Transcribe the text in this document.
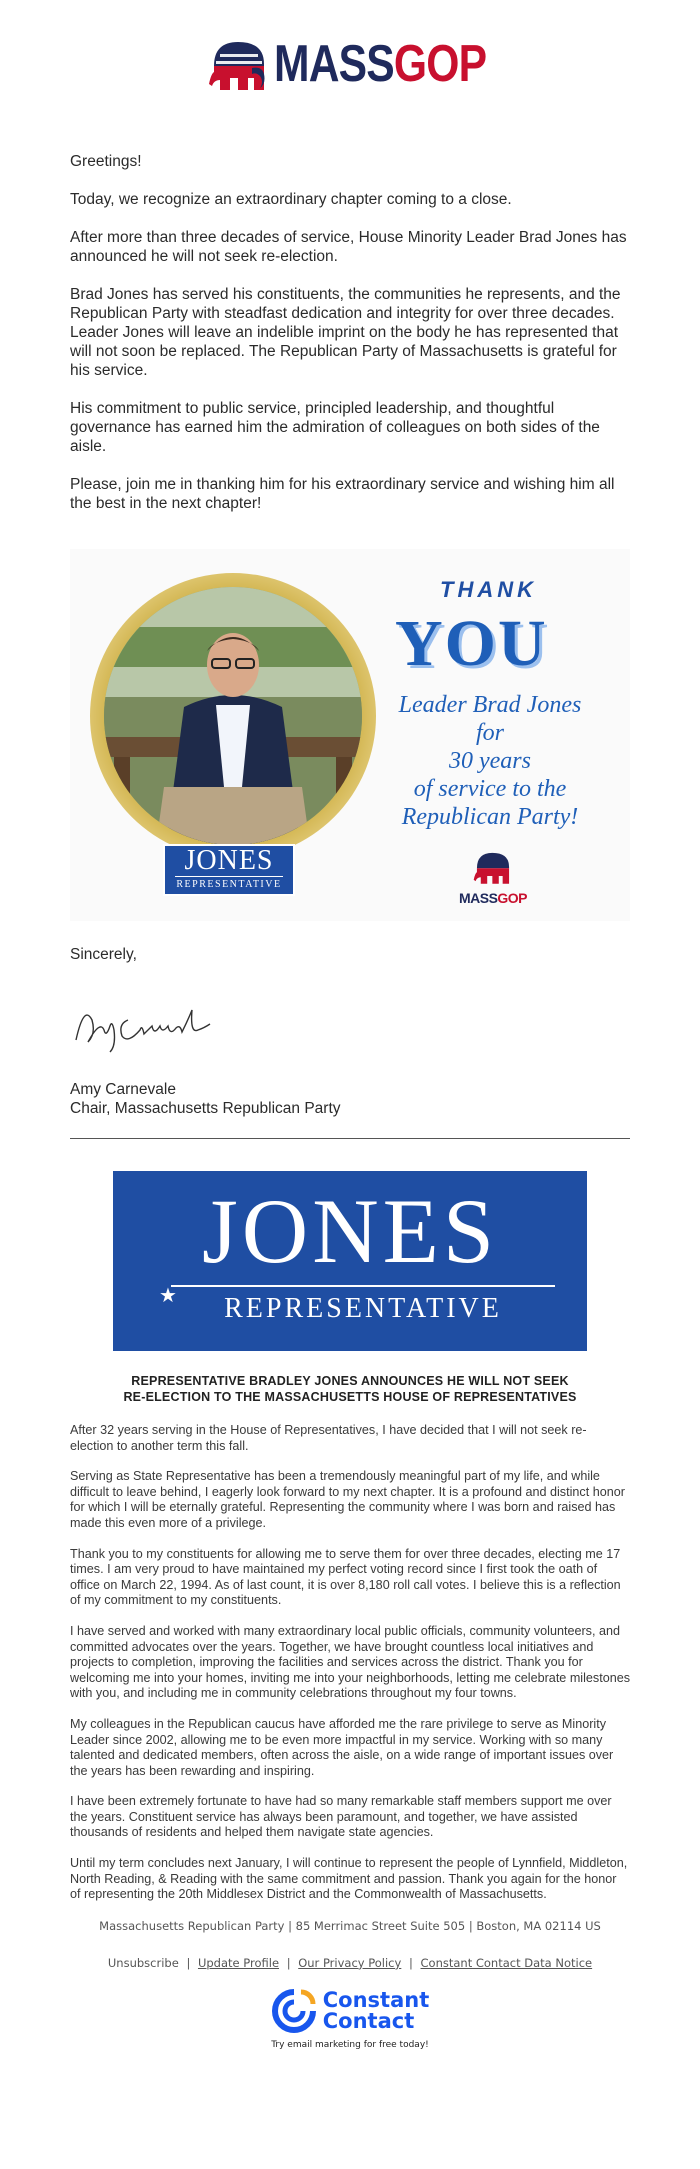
MASSGOP

Greetings!

Today, we recognize an extraordinary chapter coming to a close.

After more than three decades of service, House Minority Leader Brad Jones has announced he will not seek re-election.

Brad Jones has served his constituents, the communities he represents, and the Republican Party with steadfast dedication and integrity for over three decades. Leader Jones will leave an indelible imprint on the body he has represented that will not soon be replaced. The Republican Party of Massachusetts is grateful for his service.

His commitment to public service, principled leadership, and thoughtful governance has earned him the admiration of colleagues on both sides of the aisle.

Please, join me in thanking him for his extraordinary service and wishing him all the best in the next chapter!

JONES
REPRESENTATIVE
THANK
YOU
Leader Brad Jones
for
30 years
of service to the
Republican Party!
MASSGOP
Sincerely,
Amy Carnevale
Chair, Massachusetts Republican Party
JONES
★	REPRESENTATIVE
REPRESENTATIVE BRADLEY JONES ANNOUNCES HE WILL NOT SEEK
RE-ELECTION TO THE MASSACHUSETTS HOUSE OF REPRESENTATIVES

After 32 years serving in the House of Representatives, I have decided that I will not seek re-election to another term this fall.

Serving as State Representative has been a tremendously meaningful part of my life, and while difficult to leave behind, I eagerly look forward to my next chapter. It is a profound and distinct honor for which I will be eternally grateful. Representing the community where I was born and raised has made this even more of a privilege.

Thank you to my constituents for allowing me to serve them for over three decades, electing me 17 times. I am very proud to have maintained my perfect voting record since I first took the oath of office on March 22, 1994. As of last count, it is over 8,180 roll call votes. I believe this is a reflection of my commitment to my constituents.

I have served and worked with many extraordinary local public officials, community volunteers, and committed advocates over the years. Together, we have brought countless local initiatives and projects to completion, improving the facilities and services across the district. Thank you for welcoming me into your homes, inviting me into your neighborhoods, letting me celebrate milestones with you, and including me in community celebrations throughout my four towns.

My colleagues in the Republican caucus have afforded me the rare privilege to serve as Minority Leader since 2002, allowing me to be even more impactful in my service. Working with so many talented and dedicated members, often across the aisle, on a wide range of important issues over the years has been rewarding and inspiring.

I have been extremely fortunate to have had so many remarkable staff members support me over the years. Constituent service has always been paramount, and together, we have assisted thousands of residents and helped them navigate state agencies.

Until my term concludes next January, I will continue to represent the people of Lynnfield, Middleton, North Reading, & Reading with the same commitment and passion. Thank you again for the honor of representing the 20th Middlesex District and the Commonwealth of Massachusetts.

Massachusetts Republican Party | 85 Merrimac Street Suite 505 | Boston, MA 02114 US
Unsubscribe | Update Profile | Our Privacy Policy | Constant Contact Data Notice
Constant
Contact
Try email marketing for free today!
